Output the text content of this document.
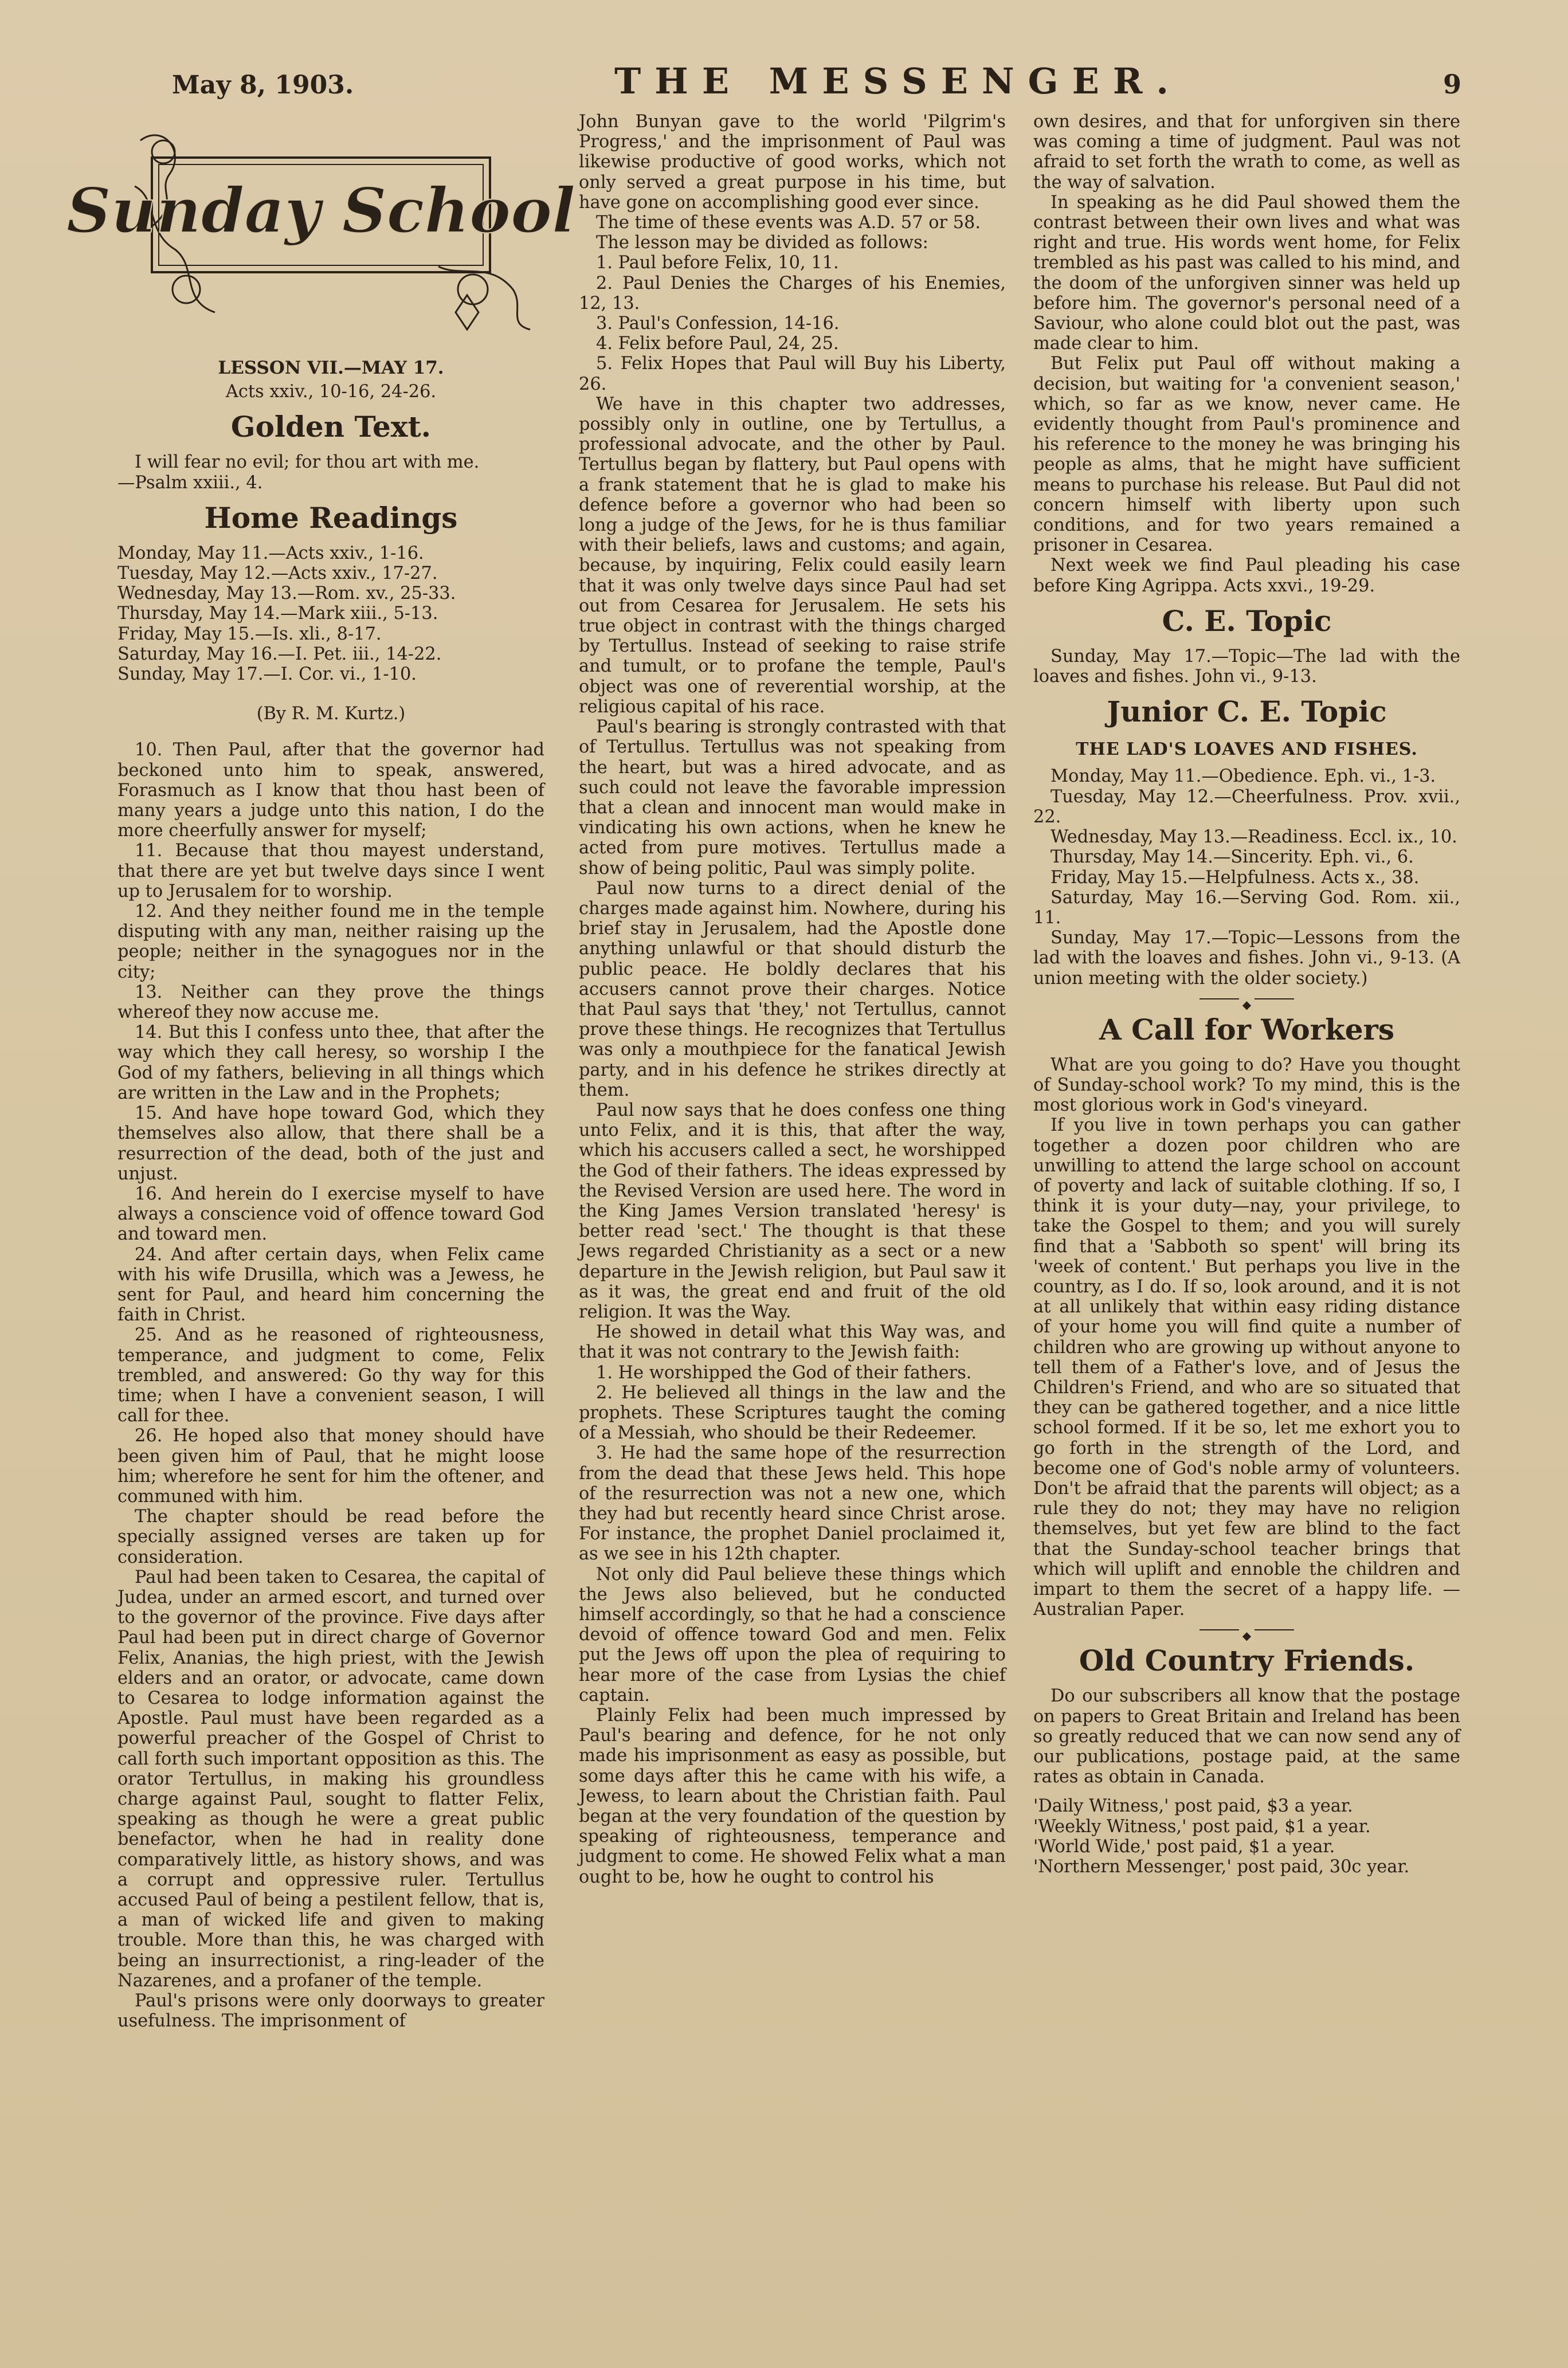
May 8, 1903.	THE MESSENGER.	9
Sunday School
LESSON VII.—MAY 17.
Acts xxiv., 10-16, 24-26.
Golden Text.

I will fear no evil; for thou art with me.

—Psalm xxiii., 4.

Home Readings
Monday, May 11.—Acts xxiv., 1-16.
Tuesday, May 12.—Acts xxiv., 17-27.
Wednesday, May 13.—Rom. xv., 25-33.
Thursday, May 14.—Mark xiii., 5-13.
Friday, May 15.—Is. xli., 8-17.
Saturday, May 16.—I. Pet. iii., 14-22.
Sunday, May 17.—I. Cor. vi., 1-10.
(By R. M. Kurtz.)

10. Then Paul, after that the governor had beckoned unto him to speak, answered, Forasmuch as I know that thou hast been of many years a judge unto this nation, I do the more cheerfully answer for myself;

11. Because that thou mayest understand, that there are yet but twelve days since I went up to Jerusalem for to worship.

12. And they neither found me in the temple disputing with any man, neither raising up the people; neither in the synagogues nor in the city;

13. Neither can they prove the things whereof they now accuse me.

14. But this I confess unto thee, that after the way which they call heresy, so worship I the God of my fathers, believing in all things which are written in the Law and in the Prophets;

15. And have hope toward God, which they themselves also allow, that there shall be a resurrection of the dead, both of the just and unjust.

16. And herein do I exercise myself to have always a conscience void of offence toward God and toward men.

24. And after certain days, when Felix came with his wife Drusilla, which was a Jewess, he sent for Paul, and heard him concerning the faith in Christ.

25. And as he reasoned of righteousness, temperance, and judgment to come, Felix trembled, and answered: Go thy way for this time; when I have a convenient season, I will call for thee.

26. He hoped also that money should have been given him of Paul, that he might loose him; wherefore he sent for him the oftener, and communed with him.

The chapter should be read before the specially assigned verses are taken up for consideration.

Paul had been taken to Cesarea, the capital of Judea, under an armed escort, and turned over to the governor of the province. Five days after Paul had been put in direct charge of Governor Felix, Ananias, the high priest, with the Jewish elders and an orator, or advocate, came down to Cesarea to lodge information against the Apostle. Paul must have been regarded as a powerful preacher of the Gospel of Christ to call forth such important opposition as this. The orator Tertullus, in making his groundless charge against Paul, sought to flatter Felix, speaking as though he were a great public benefactor, when he had in reality done comparatively little, as history shows, and was a corrupt and oppressive ruler. Tertullus accused Paul of being a pestilent fellow, that is, a man of wicked life and given to making trouble. More than this, he was charged with being an insurrectionist, a ring-leader of the Nazarenes, and a profaner of the temple.

Paul's prisons were only doorways to greater usefulness. The imprisonment of

John Bunyan gave to the world 'Pilgrim's Progress,' and the imprisonment of Paul was likewise productive of good works, which not only served a great purpose in his time, but have gone on accomplishing good ever since.

The time of these events was A.D. 57 or 58.

The lesson may be divided as follows:

1. Paul before Felix, 10, 11.

2. Paul Denies the Charges of his Enemies, 12, 13.

3. Paul's Confession, 14-16.

4. Felix before Paul, 24, 25.

5. Felix Hopes that Paul will Buy his Liberty, 26.

We have in this chapter two addresses, possibly only in outline, one by Tertullus, a professional advocate, and the other by Paul. Tertullus began by flattery, but Paul opens with a frank statement that he is glad to make his defence before a governor who had been so long a judge of the Jews, for he is thus familiar with their beliefs, laws and customs; and again, because, by inquiring, Felix could easily learn that it was only twelve days since Paul had set out from Cesarea for Jerusalem. He sets his true object in contrast with the things charged by Tertullus. Instead of seeking to raise strife and tumult, or to profane the temple, Paul's object was one of reverential worship, at the religious capital of his race.

Paul's bearing is strongly contrasted with that of Tertullus. Tertullus was not speaking from the heart, but was a hired advocate, and as such could not leave the favorable impression that a clean and innocent man would make in vindicating his own actions, when he knew he acted from pure motives. Tertullus made a show of being politic, Paul was simply polite.

Paul now turns to a direct denial of the charges made against him. Nowhere, during his brief stay in Jerusalem, had the Apostle done anything unlawful or that should disturb the public peace. He boldly declares that his accusers cannot prove their charges. Notice that Paul says that 'they,' not Tertullus, cannot prove these things. He recognizes that Tertullus was only a mouthpiece for the fanatical Jewish party, and in his defence he strikes directly at them.

Paul now says that he does confess one thing unto Felix, and it is this, that after the way, which his accusers called a sect, he worshipped the God of their fathers. The ideas expressed by the Revised Version are used here. The word in the King James Version translated 'heresy' is better read 'sect.' The thought is that these Jews regarded Christianity as a sect or a new departure in the Jewish religion, but Paul saw it as it was, the great end and fruit of the old religion. It was the Way.

He showed in detail what this Way was, and that it was not contrary to the Jewish faith:

1. He worshipped the God of their fathers.

2. He believed all things in the law and the prophets. These Scriptures taught the coming of a Messiah, who should be their Redeemer.

3. He had the same hope of the resurrection from the dead that these Jews held. This hope of the resurrection was not a new one, which they had but recently heard since Christ arose. For instance, the prophet Daniel proclaimed it, as we see in his 12th chapter.

Not only did Paul believe these things which the Jews also believed, but he conducted himself accordingly, so that he had a conscience devoid of offence toward God and men. Felix put the Jews off upon the plea of requiring to hear more of the case from Lysias the chief captain.

Plainly Felix had been much impressed by Paul's bearing and defence, for he not only made his imprisonment as easy as possible, but some days after this he came with his wife, a Jewess, to learn about the Christian faith. Paul began at the very foundation of the question by speaking of righteousness, temperance and judgment to come. He showed Felix what a man ought to be, how he ought to control his

own desires, and that for unforgiven sin there was coming a time of judgment. Paul was not afraid to set forth the wrath to come, as well as the way of salvation.

In speaking as he did Paul showed them the contrast between their own lives and what was right and true. His words went home, for Felix trembled as his past was called to his mind, and the doom of the unforgiven sinner was held up before him. The governor's personal need of a Saviour, who alone could blot out the past, was made clear to him.

But Felix put Paul off without making a decision, but waiting for 'a convenient season,' which, so far as we know, never came. He evidently thought from Paul's prominence and his reference to the money he was bringing his people as alms, that he might have sufficient means to purchase his release. But Paul did not concern himself with liberty upon such conditions, and for two years remained a prisoner in Cesarea.

Next week we find Paul pleading his case before King Agrippa. Acts xxvi., 19-29.

C. E. Topic

Sunday, May 17.—Topic—The lad with the loaves and fishes. John vi., 9-13.

Junior C. E. Topic
THE LAD'S LOAVES AND FISHES.

Monday, May 11.—Obedience. Eph. vi., 1-3.

Tuesday, May 12.—Cheerfulness. Prov. xvii., 22.

Wednesday, May 13.—Readiness. Eccl. ix., 10.

Thursday, May 14.—Sincerity. Eph. vi., 6.

Friday, May 15.—Helpfulness. Acts x., 38.

Saturday, May 16.—Serving God. Rom. xii., 11.

Sunday, May 17.—Topic—Lessons from the lad with the loaves and fishes. John vi., 9-13. (A union meeting with the older society.)

◆
A Call for Workers

What are you going to do? Have you thought of Sunday-school work? To my mind, this is the most glorious work in God's vineyard.

If you live in town perhaps you can gather together a dozen poor children who are unwilling to attend the large school on account of poverty and lack of suitable clothing. If so, I think it is your duty—nay, your privilege, to take the Gospel to them; and you will surely find that a 'Sabboth so spent' will bring its 'week of content.' But perhaps you live in the country, as I do. If so, look around, and it is not at all unlikely that within easy riding distance of your home you will find quite a number of children who are growing up without anyone to tell them of a Father's love, and of Jesus the Children's Friend, and who are so situated that they can be gathered together, and a nice little school formed. If it be so, let me exhort you to go forth in the strength of the Lord, and become one of God's noble army of volunteers. Don't be afraid that the parents will object; as a rule they do not; they may have no religion themselves, but yet few are blind to the fact that the Sunday-school teacher brings that which will uplift and ennoble the children and impart to them the secret of a happy life. —Australian Paper.

◆
Old Country Friends.

Do our subscribers all know that the postage on papers to Great Britain and Ireland has been so greatly reduced that we can now send any of our publications, postage paid, at the same rates as obtain in Canada.

'Daily Witness,' post paid, $3 a year.

'Weekly Witness,' post paid, $1 a year.

'World Wide,' post paid, $1 a year.

'Northern Messenger,' post paid, 30c year.
